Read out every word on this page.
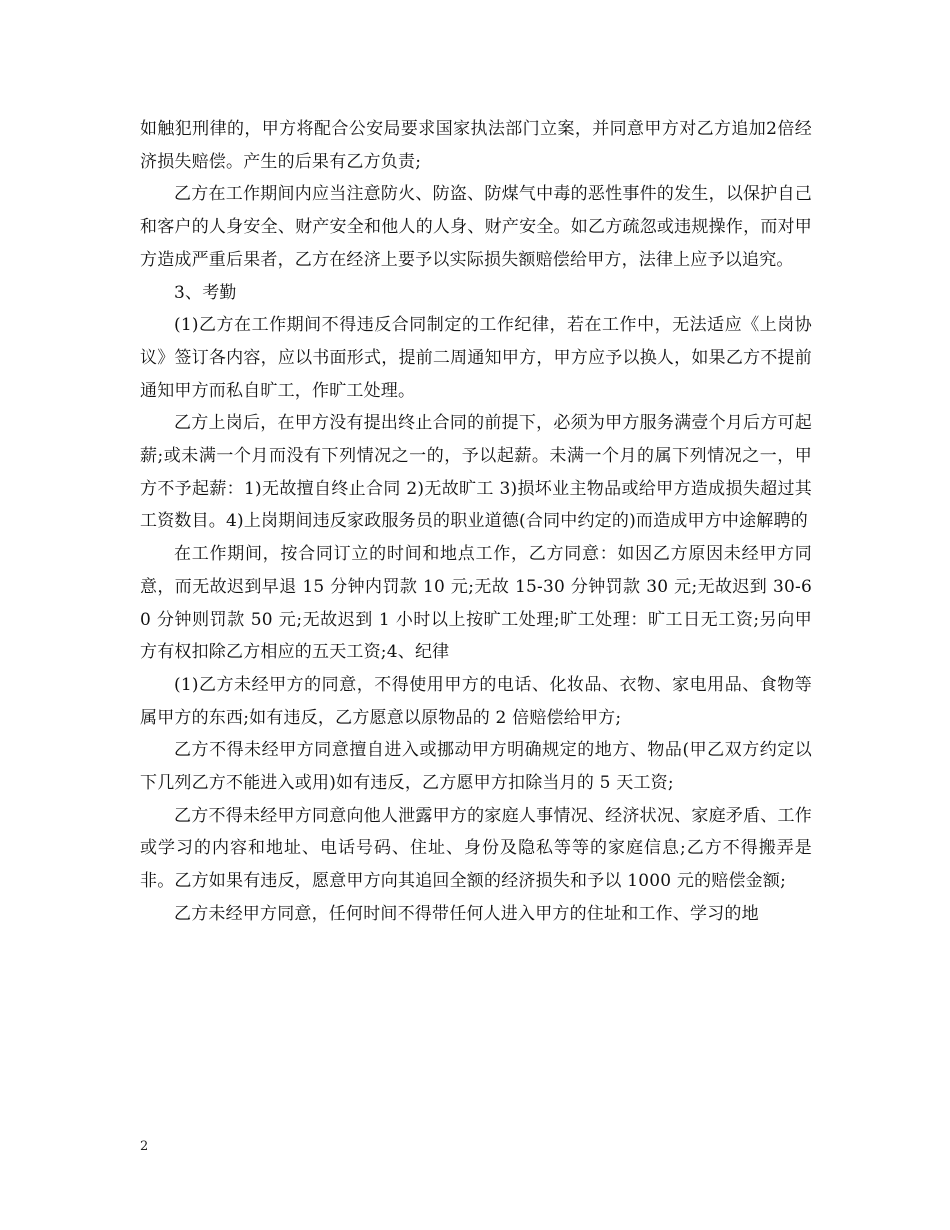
如触犯刑律的，甲方将配合公安局要求国家执法部门立案，并同意甲方对乙方追加2倍经济损失赔偿。产生的后果有乙方负责;

乙方在工作期间内应当注意防火、防盗、防煤气中毒的恶性事件的发生，以保护自己和客户的人身安全、财产安全和他人的人身、财产安全。如乙方疏忽或违规操作，而对甲方造成严重后果者，乙方在经济上要予以实际损失额赔偿给甲方，法律上应予以追究。

3、考勤

(1)乙方在工作期间不得违反合同制定的工作纪律，若在工作中，无法适应《上岗协议》签订各内容，应以书面形式，提前二周通知甲方，甲方应予以换人，如果乙方不提前通知甲方而私自旷工，作旷工处理。

乙方上岗后，在甲方没有提出终止合同的前提下，必须为甲方服务满壹个月后方可起薪;或未满一个月而没有下列情况之一的，予以起薪。未满一个月的属下列情况之一，甲方不予起薪：1)无故擅自终止合同 2)无故旷工 3)损坏业主物品或给甲方造成损失超过其工资数目。4)上岗期间违反家政服务员的职业道德(合同中约定的)而造成甲方中途解聘的

在工作期间，按合同订立的时间和地点工作，乙方同意：如因乙方原因未经甲方同意，而无故迟到早退 15 分钟内罚款 10 元;无故 15-30 分钟罚款 30 元;无故迟到 30-60 分钟则罚款 50 元;无故迟到 1 小时以上按旷工处理;旷工处理：旷工日无工资;另向甲方有权扣除乙方相应的五天工资;4、纪律

(1)乙方未经甲方的同意，不得使用甲方的电话、化妆品、衣物、家电用品、食物等属甲方的东西;如有违反，乙方愿意以原物品的 2 倍赔偿给甲方;

乙方不得未经甲方同意擅自进入或挪动甲方明确规定的地方、物品(甲乙双方约定以下几列乙方不能进入或用)如有违反，乙方愿甲方扣除当月的 5 天工资;

乙方不得未经甲方同意向他人泄露甲方的家庭人事情况、经济状况、家庭矛盾、工作或学习的内容和地址、电话号码、住址、身份及隐私等等的家庭信息;乙方不得搬弄是非。乙方如果有违反，愿意甲方向其追回全额的经济损失和予以 1000 元的赔偿金额;

乙方未经甲方同意，任何时间不得带任何人进入甲方的住址和工作、学习的地

2
